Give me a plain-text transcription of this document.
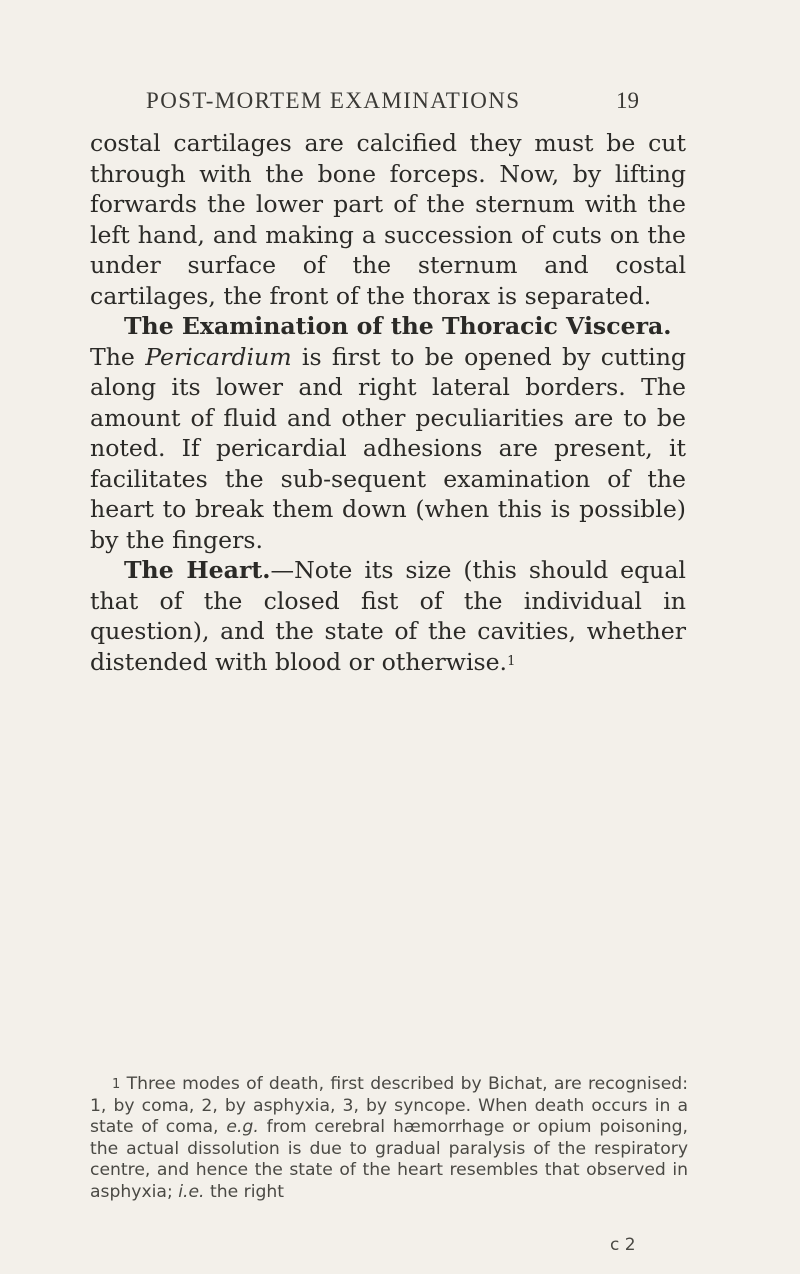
POST-MORTEM EXAMINATIONS	19

costal cartilages are calcified they must be cut through with the bone forceps. Now, by lifting forwards the lower part of the sternum with the left hand, and making a succession of cuts on the under surface of the sternum and costal cartilages, the front of the thorax is separated.

The Examination of the Thoracic Viscera.
The Pericardium is first to be opened by cutting along its lower and right lateral borders. The amount of fluid and other peculiarities are to be noted. If pericardial adhesions are present, it facilitates the sub-sequent examination of the heart to break them down (when this is possible) by the fingers.

The Heart.—Note its size (this should equal that of the closed fist of the individual in question), and the state of the cavities, whether distended with blood or otherwise.$^1$

$^1$ Three modes of death, first described by Bichat, are recognised: 1, by coma, 2, by asphyxia, 3, by syncope. When death occurs in a state of coma, e.g. from cerebral hæmorrhage or opium poisoning, the actual dissolution is due to gradual paralysis of the respiratory centre, and hence the state of the heart resembles that observed in asphyxia; i.e. the right
c 2
